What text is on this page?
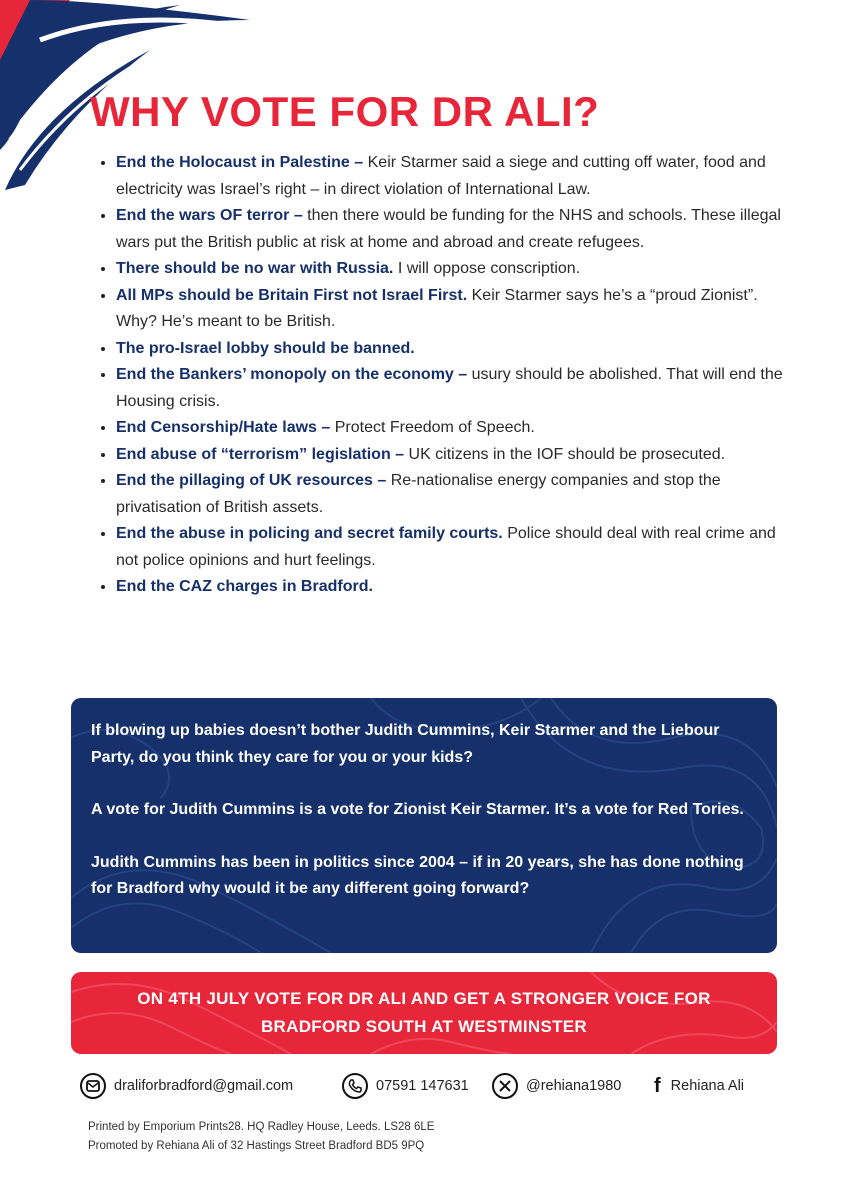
WHY VOTE FOR DR ALI?
• End the Holocaust in Palestine – Keir Starmer said a siege and cutting off water, food and electricity was Israel’s right – in direct violation of International Law.
• End the wars OF terror – then there would be funding for the NHS and schools. These illegal wars put the British public at risk at home and abroad and create refugees.
• There should be no war with Russia. I will oppose conscription.
• All MPs should be Britain First not Israel First. Keir Starmer says he’s a “proud Zionist”. Why? He’s meant to be British.
• The pro-Israel lobby should be banned.
• End the Bankers’ monopoly on the economy – usury should be abolished. That will end the Housing crisis.
• End Censorship/Hate laws – Protect Freedom of Speech.
• End abuse of “terrorism” legislation – UK citizens in the IOF should be prosecuted.
• End the pillaging of UK resources – Re-nationalise energy companies and stop the privatisation of British assets.
• End the abuse in policing and secret family courts. Police should deal with real crime and not police opinions and hurt feelings.
• End the CAZ charges in Bradford.

If blowing up babies doesn’t bother Judith Cummins, Keir Starmer and the Liebour Party, do you think they care for you or your kids?

A vote for Judith Cummins is a vote for Zionist Keir Starmer. It’s a vote for Red Tories.

Judith Cummins has been in politics since 2004 – if in 20 years, she has done nothing for Bradford why would it be any different going forward?

ON 4TH JULY VOTE FOR DR ALI AND GET A STRONGER VOICE FOR
BRADFORD SOUTH AT WESTMINSTER
draliforbradford@gmail.com	07591 147631	@rehiana1980 f Rehiana Ali
Printed by Emporium Prints28. HQ Radley House, Leeds. LS28 6LE
Promoted by Rehiana Ali of 32 Hastings Street Bradford BD5 9PQ
